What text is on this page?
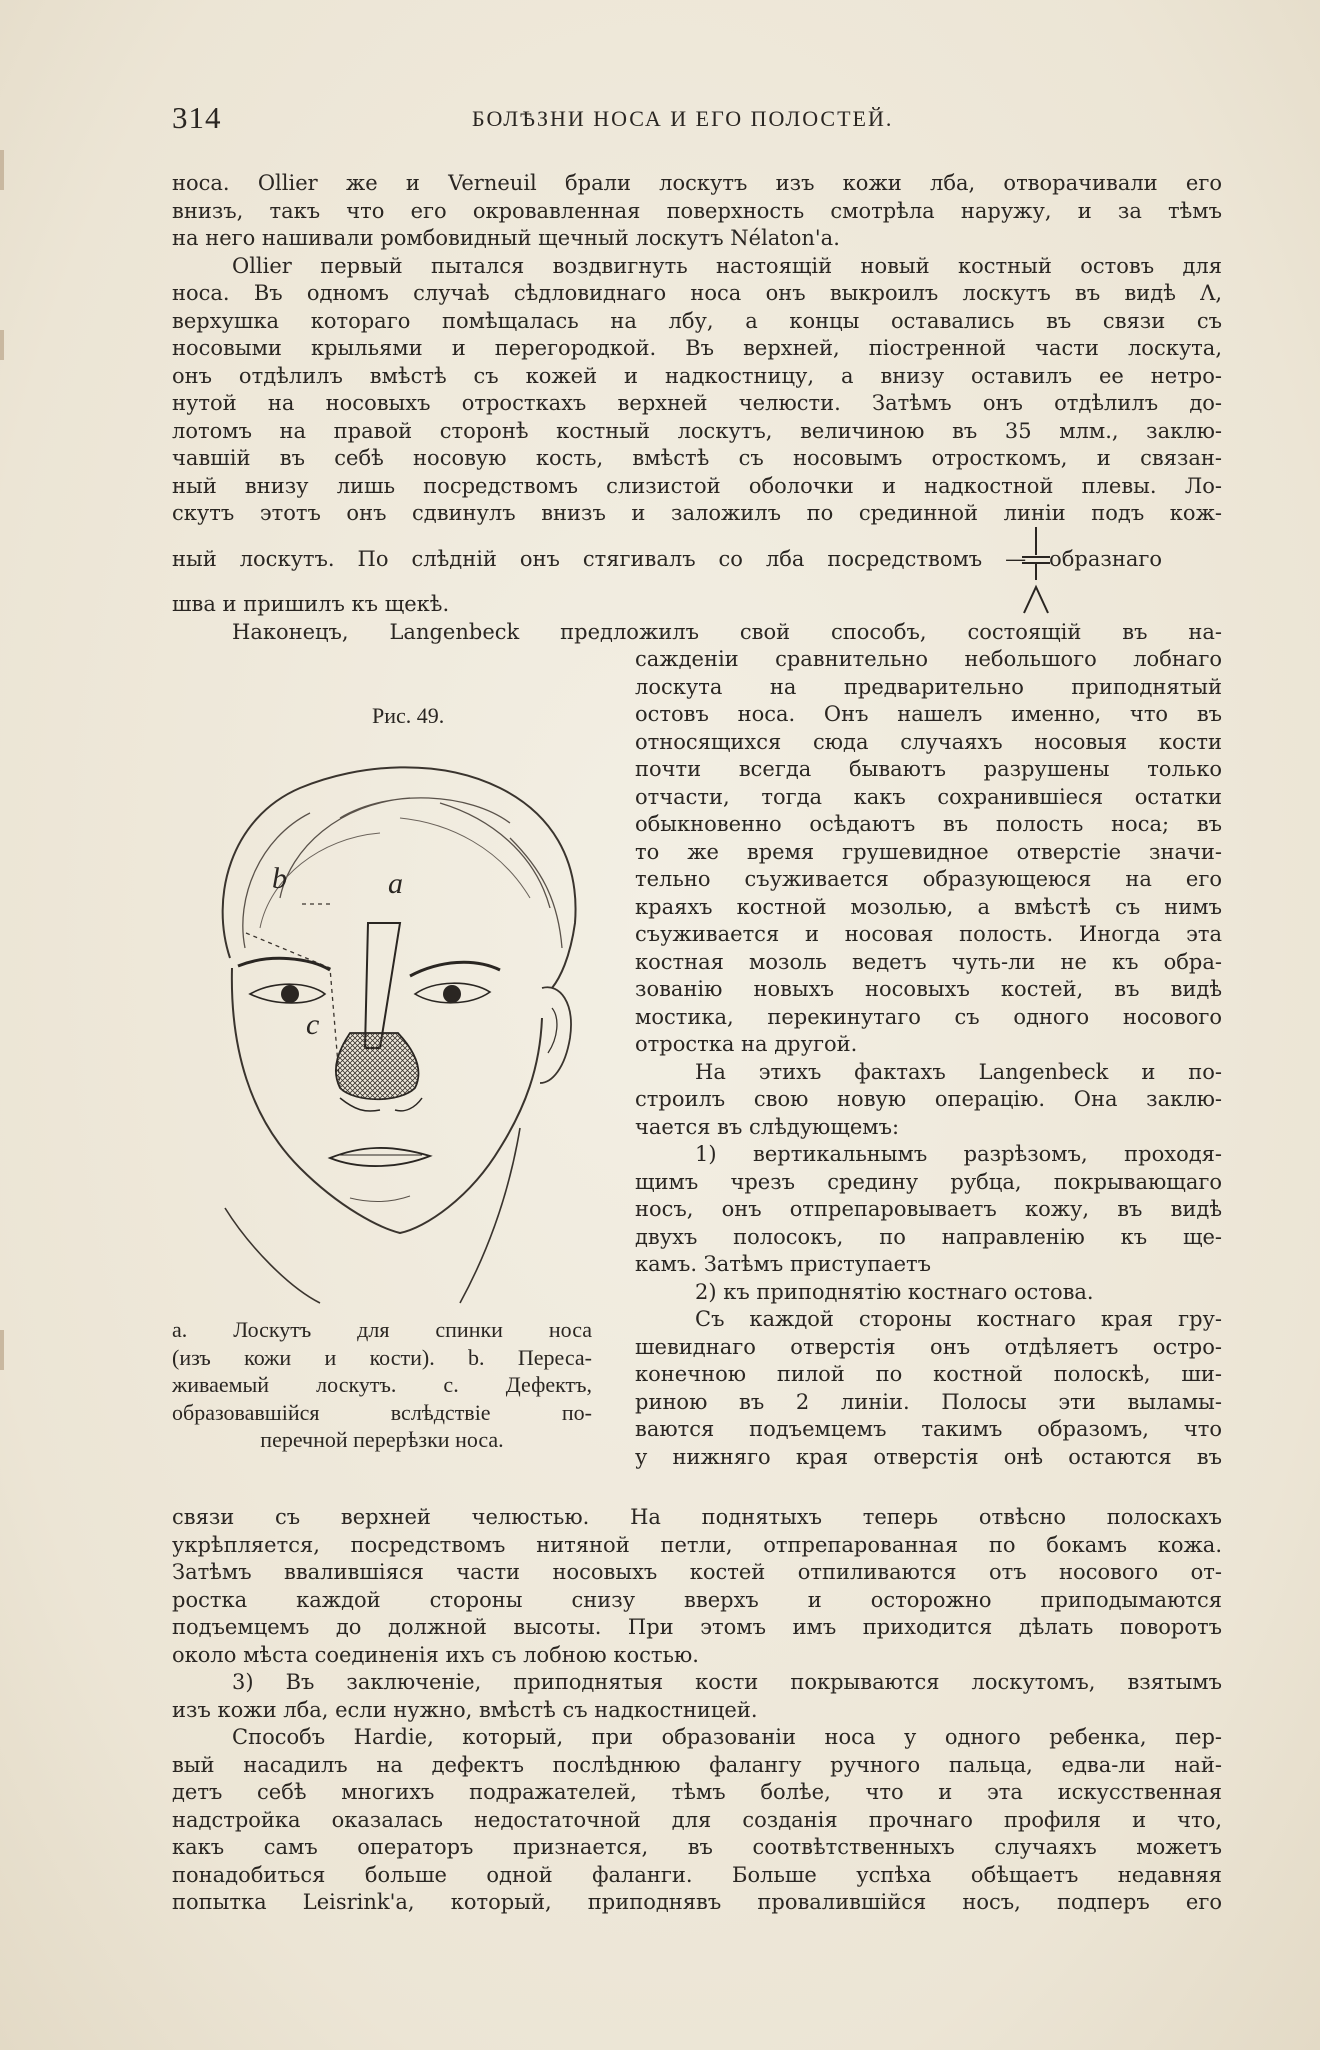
314	БОЛѢЗНИ НОСА И ЕГО ПОЛОСТЕЙ.
носа. Ollier же и Verneuil брали лоскутъ изъ кожи лба, отворачивали его
внизъ, такъ что его окровавленная поверхность смотрѣла наружу, и за тѣмъ
на него нашивали ромбовидный щечный лоскутъ Nélaton'а.
Ollier первый пытался воздвигнуть настоящій новый костный остовъ для
носа. Въ одномъ случаѣ сѣдловиднаго носа онъ выкроилъ лоскутъ въ видѣ Λ,
верхушка котораго помѣщалась на лбу, а концы оставались въ связи съ
носовыми крыльями и перегородкой. Въ верхней, піостренной части лоскута,
онъ отдѣлилъ вмѣстѣ съ кожей и надкостницу, а внизу оставилъ ее нетро-
нутой на носовыхъ отросткахъ верхней челюсти. Затѣмъ онъ отдѣлилъ до-
лотомъ на правой сторонѣ костный лоскутъ, величиною въ 35 млм., заклю-
чавшій въ себѣ носовую кость, вмѣстѣ съ носовымъ отросткомъ, и связан-
ный внизу лишь посредствомъ слизистой оболочки и надкостной плевы. Ло-
скутъ этотъ онъ сдвинулъ внизъ и заложилъ по срединной линіи подъ кож-
ный лоскутъ. По слѣдній онъ стягивалъ со лба посредствомъ — образнаго
шва и пришилъ къ щекѣ.
Наконецъ, Langenbeck предложилъ свой способъ, состоящій въ на-
Рис. 49.
b	a
c
a. Лоскутъ для спинки носа
(изъ кожи и кости). b. Переса-
живаемый лоскутъ. c. Дефектъ,
образовавшійся вслѣдствіе по-
перечной перерѣзки носа.
сажденіи сравнительно небольшого лобнаго
лоскута на предварительно приподнятый
остовъ носа. Онъ нашелъ именно, что въ
относящихся сюда случаяхъ носовыя кости
почти всегда бываютъ разрушены только
отчасти, тогда какъ сохранившіеся остатки
обыкновенно осѣдаютъ въ полость носа; въ
то же время грушевидное отверстіе значи-
тельно съуживается образующеюся на его
краяхъ костной мозолью, а вмѣстѣ съ нимъ
съуживается и носовая полость. Иногда эта
костная мозоль ведетъ чуть-ли не къ обра-
зованію новыхъ носовыхъ костей, въ видѣ
мостика, перекинутаго съ одного носового
отростка на другой.
На этихъ фактахъ Langenbeck и по-
строилъ свою новую операцію. Она заклю-
чается въ слѣдующемъ:
1) вертикальнымъ разрѣзомъ, проходя-
щимъ чрезъ средину рубца, покрывающаго
носъ, онъ отпрепаровываетъ кожу, въ видѣ
двухъ полосокъ, по направленію къ ще-
камъ. Затѣмъ приступаетъ
2) къ приподнятію костнаго остова.
Съ каждой стороны костнаго края гру-
шевиднаго отверстія онъ отдѣляетъ остро-
конечною пилой по костной полоскѣ, ши-
риною въ 2 линіи. Полосы эти выламы-
ваются подъемцемъ такимъ образомъ, что
у нижняго края отверстія онѣ остаются въ
связи съ верхней челюстью. На поднятыхъ теперь отвѣсно полоскахъ
укрѣпляется, посредствомъ нитяной петли, отпрепарованная по бокамъ кожа.
Затѣмъ ввалившіяся части носовыхъ костей отпиливаются отъ носового от-
ростка каждой стороны снизу вверхъ и осторожно приподымаются
подъемцемъ до должной высоты. При этомъ имъ приходится дѣлать поворотъ
около мѣста соединенія ихъ съ лобною костью.
3) Въ заключеніе, приподнятыя кости покрываются лоскутомъ, взятымъ
изъ кожи лба, если нужно, вмѣстѣ съ надкостницей.
Способъ Hardie, который, при образованіи носа у одного ребенка, пер-
вый насадилъ на дефектъ послѣднюю фалангу ручного пальца, едва-ли най-
детъ себѣ многихъ подражателей, тѣмъ болѣе, что и эта искусственная
надстройка оказалась недостаточной для созданія прочнаго профиля и что,
какъ самъ операторъ признается, въ соотвѣтственныхъ случаяхъ можетъ
понадобиться больше одной фаланги. Больше успѣха обѣщаетъ недавняя
попытка Leisrink'а, который, приподнявъ провалившійся носъ, подперъ его
